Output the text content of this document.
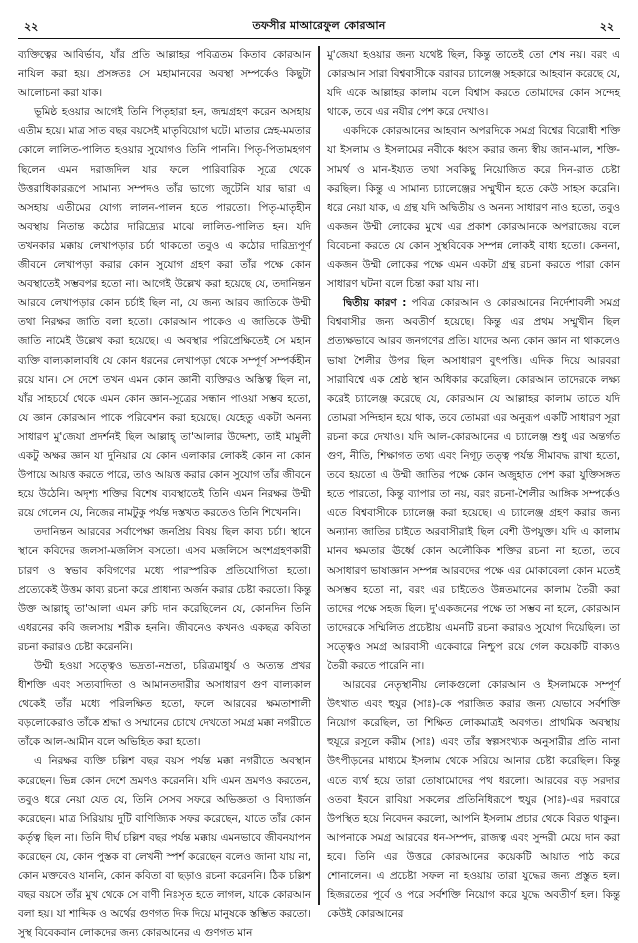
২২	তফসীর মাআরেফুল কোরআন	২২

ব্যক্তিত্বের আবির্ভাব, যাঁর প্রতি আল্লাহর পবিত্রতম কিতাব কোরআন নাযিল করা হয়। প্রসঙ্গতঃ সে মহামানবের অবস্থা সম্পর্কেও কিছুটা আলোচনা করা যাক।

ভূমিষ্ঠ হওয়ার আগেই তিনি পিতৃহারা হন, জন্মগ্রহণ করেন অসহায় এতীম হয়ে। মাত্র সাত বছর বয়সেই মাতৃবিয়োগ ঘটে। মাতার স্নেহ-মমতার কোলে লালিত-পালিত হওয়ার সুযোগও তিনি পাননি। পিতৃ-পিতামহগণ ছিলেন এমন দরাজদিল যার ফলে পারিবারিক সূত্রে থেকে উত্তরাধিকাররূপে সামান্য সম্পদও তাঁর ভাগ্যে জুটেনি যার দ্বারা এ অসহায় এতীমের যোগ্য লালন-পালন হতে পারতো। পিতৃ-মাতৃহীন অবস্থায় নিতান্ত কঠোর দারিদ্র্যের মাঝে লালিত-পালিত হন। যদি তখনকার মক্কায় লেখাপড়ার চর্চা থাকতো তবুও এ কঠোর দারিদ্র্যপূর্ণ জীবনে লেখাপড়া করার কোন সুযোগ গ্রহণ করা তাঁর পক্ষে কোন অবস্থাতেই সম্ভবপর হতো না। আগেই উল্লেখ করা হয়েছে যে, তদানিন্তন আরবে লেখাপড়ার কোন চর্চাই ছিল না, যে জন্য আরব জাতিকে উম্মী তথা নিরক্ষর জাতি বলা হতো। কোরআন পাকেও এ জাতিকে উম্মী জাতি নামেই উল্লেখ করা হয়েছে। এ অবস্থার পরিপ্রেক্ষিতেই সে মহান ব্যক্তি বাল্যকালাবধি যে কোন ধরনের লেখাপড়া থেকে সম্পূর্ণ সম্পর্কহীন রয়ে যান। সে দেশে তখন এমন কোন জ্ঞানী ব্যক্তিরও অস্তিত্ব ছিল না, যাঁর সাহচর্যে থেকে এমন কোন জ্ঞান-সূত্রের সন্ধান পাওয়া সম্ভব হতো, যে জ্ঞান কোরআন পাকে পরিবেশন করা হয়েছে। যেহেতু একটা অনন্য সাধারণ মু'জেযা প্রদর্শনই ছিল আল্লাহ্ তা'আলার উদ্দেশ্য, তাই মামুলী একটু অক্ষর জ্ঞান যা দুনিয়ার যে কোন এলাকার লোকই কোন না কোন উপায়ে আয়ত্ত করতে পারে, তাও আয়ত্ত করার কোন সুযোগ তাঁর জীবনে হয়ে উঠেনি। অদৃশ্য শক্তির বিশেষ ব্যবস্থাতেই তিনি এমন নিরক্ষর উম্মী রয়ে গেলেন যে, নিজের নামটুকু পর্যন্ত দস্তখত করতেও তিনি শিখেননি।

তদানিন্তন আরবের সর্বাপেক্ষা জনপ্রিয় বিষয় ছিল কাব্য চর্চা। স্থানে স্থানে কবিদের জলসা-মজলিস বসতো। এসব মজলিসে অংশগ্রহণকারী চারণ ও স্বভাব কবিগণের মধ্যে পারস্পরিক প্রতিযোগিতা হতো। প্রত্যেকেই উত্তম কাব্য রচনা করে প্রাধান্য অর্জন করার চেষ্টা করতো। কিন্তু উক্ত আল্লাহ্ তা'আলা এমন রুচি দান করেছিলেন যে, কোনদিন তিনি এধরনের কবি জলসায় শরীক হননি। জীবনেও কখনও একছত্র কবিতা রচনা করারও চেষ্টা করেননি।

উম্মী হওয়া সত্ত্বেও ভদ্রতা-নম্রতা, চরিত্রমাধুর্য ও অত্যন্ত প্রখর ধীশক্তি এবং সত্যবাদিতা ও আমানতদারীর অসাধারণ গুণ বাল্যকাল থেকেই তাঁর মধ্যে পরিলক্ষিত হতো, ফলে আরবের ক্ষমতাশালী বড়লোকেরাও তাঁকে শ্রদ্ধা ও সম্মানের চোখে দেখতো সমগ্র মক্কা নগরীতে তাঁকে আল-আমীন বলে অভিহিত করা হতো।

এ নিরক্ষর ব্যক্তি চল্লিশ বছর বয়স পর্যন্ত মক্কা নগরীতে অবস্থান করেছেন। ভিন্ন কোন দেশে ভ্রমণও করেননি। যদি এমন ভ্রমণও করতেন, তবুও ধরে নেয়া যেত যে, তিনি সেসব সফরে অভিজ্ঞতা ও বিদ্যার্জন করেছেন। মাত্র সিরিয়ায় দুটি বাণিজ্যিক সফর করেছেন, যাতে তাঁর কোন কর্তৃত্ব ছিল না। তিনি দীর্ঘ চল্লিশ বছর পর্যন্ত মক্কায় এমনভাবে জীবনযাপন করেছেন যে, কোন পুস্তক বা লেখনী স্পর্শ করেছেন বলেও জানা যায় না, কোন মক্তবেও যাননি, কোন কবিতা বা ছড়াও রচনা করেননি। ঠিক চল্লিশ বছর বয়সে তাঁর মুখ থেকে সে বাণী নিঃসৃত হতে লাগল, যাকে কোরআন বলা হয়। যা শাব্দিক ও অর্থের গুণগত দিক দিয়ে মানুষকে স্তম্ভিত করতো। সুস্থ বিবেকবান লোকদের জন্য কোরআনের এ গুণগত মান

মু'জেযা হওয়ার জন্য যথেষ্ট ছিল, কিন্তু তাতেই তো শেষ নয়। বরং এ কোরআন সারা বিশ্ববাসীকে বরাবর চ্যালেঞ্জ সহকারে আহবান করেছে যে, যদি একে আল্লাহর কালাম বলে বিশ্বাস করতে তোমাদের কোন সন্দেহ থাকে, তবে এর নযীর পেশ করে দেখাও।

একদিকে কোরআনের আহবান অপরদিকে সমগ্র বিশ্বের বিরোধী শক্তি যা ইসলাম ও ইসলামের নবীকে ধ্বংস করার জন্য স্বীয় জান-মাল, শক্তি-সামর্থ ও মান-ইয্যত তথা সবকিছু নিয়োজিত করে দিন-রাত চেষ্টা করছিল। কিন্তু এ সামান্য চ্যালেঞ্জের সম্মুখীন হতে কেউ সাহস করেনি। ধরে নেয়া যাক, এ গ্রন্থ যদি অদ্বিতীয় ও অনন্য সাধারণ নাও হতো, তবুও একজন উম্মী লোকের মুখে এর প্রকাশ কোরআনকে অপরাজেয় বলে বিবেচনা করতে যে কোন সুস্থবিবেক সম্পন্ন লোকই বাধ্য হতো। কেননা, একজন উম্মী লোকের পক্ষে এমন একটা গ্রন্থ রচনা করতে পারা কোন সাধারণ ঘটনা বলে চিন্তা করা যায় না।

দ্বিতীয় কারণ : পবিত্র কোরআন ও কোরআনের নির্দেশাবলী সমগ্র বিশ্ববাসীর জন্য অবতীর্ণ হয়েছে। কিন্তু এর প্রথম সম্মুখীন ছিল প্রত্যক্ষভাবে আরব জনগণের প্রতি। যাদের অন্য কোন জ্ঞান না থাকলেও ভাষা শৈলীর উপর ছিল অসাধারণ বুৎপত্তি। এদিক দিয়ে আরবরা সারাবিশ্বে এক শ্রেষ্ঠ স্থান অধিকার করেছিল। কোরআন তাদেরকে লক্ষ্য করেই চ্যালেঞ্জ করেছে যে, কোরআন যে আল্লাহর কালাম তাতে যদি তোমরা সন্দিহান হয়ে থাক, তবে তোমরা এর অনুরূপ একটি সাধারণ সূরা রচনা করে দেখাও। যদি আল-কোরআনের এ চ্যালেঞ্জ শুধু এর অন্তর্গত গুণ, নীতি, শিক্ষাগত তথ্য এবং নিগূঢ় তত্ত্ব পর্যন্ত সীমাবদ্ধ রাখা হতো, তবে হয়তো এ উম্মী জাতির পক্ষে কোন অজুহাত পেশ করা যুক্তিসঙ্গত হতে পারতো, কিন্তু ব্যাপার তা নয়, বরং রচনা-শৈলীর আঙ্গিক সম্পর্কেও এতে বিশ্ববাসীকে চ্যালেঞ্জ করা হয়েছে। এ চ্যালেঞ্জ গ্রহণ করার জন্য অন্যান্য জাতির চাইতে অরবাসীরাই ছিল বেশী উপযুক্ত। যদি এ কালাম মানব ক্ষমতার ঊর্ধ্বে কোন অলৌকিক শক্তির রচনা না হতো, তবে অসাধারণ ভাষাজ্ঞান সম্পন্ন আরবদের পক্ষে এর মোকাবেলা কোন মতেই অসম্ভব হতো না, বরং এর চাইতেও উন্নতমানের কালাম তৈরী করা তাদের পক্ষে সহজ ছিল। দু'একজনের পক্ষে তা সম্ভব না হলে, কোরআন তাদেরকে সম্মিলিত প্রচেষ্টায় এমনটি রচনা করারও সুযোগ দিয়েছিল। তা সত্ত্বেও সমগ্র আরবাসী একেবারে নিশ্চুপ রয়ে গেল কয়েকটি বাক্যও তৈরী করতে পারেনি না।

আরবের নেতৃস্থানীয় লোকগুলো কোরআন ও ইসলামকে সম্পূর্ণ উৎখাত এবং হুযুর (সাঃ)-কে পরাজিত করার জন্য যেভাবে সর্বশক্তি নিয়োগ করেছিল, তা শিক্ষিত লোকমাত্রই অবগত। প্রাথমিক অবস্থায় হুযূরে রসূলে করীম (সাঃ) এবং তাঁর স্বল্পসংখ্যক অনুসারীর প্রতি নানা উৎপীড়নের মাধ্যমে ইসলাম থেকে সরিয়ে আনার চেষ্টা করেছিল। কিন্তু এতে ব্যর্থ হয়ে তারা তোষামোদের পথ ধরলো। আরবের বড় সরদার ওতবা ইবনে রাবিয়া সকলের প্রতিনিধিরূপে হুযুর (সাঃ)-এর দরবারে উপস্থিত হয়ে নিবেদন করলো, আপনি ইসলাম প্রচার থেকে বিরত থাকুন। আপনাকে সমগ্র আরবের ধন-সম্পদ, রাজত্ব এবং সুন্দরী মেয়ে দান করা হবে। তিনি এর উত্তরে কোরআনের কয়েকটি আয়াত পাঠ করে শোনালেন। এ প্রচেষ্টা সফল না হওয়ায় তারা যুদ্ধের জন্য প্রস্তুত হল। হিজরতের পূর্বে ও পরে সর্বশক্তি নিয়োগ করে যুদ্ধে অবতীর্ণ হল। কিন্তু কেউই কোরআনের
